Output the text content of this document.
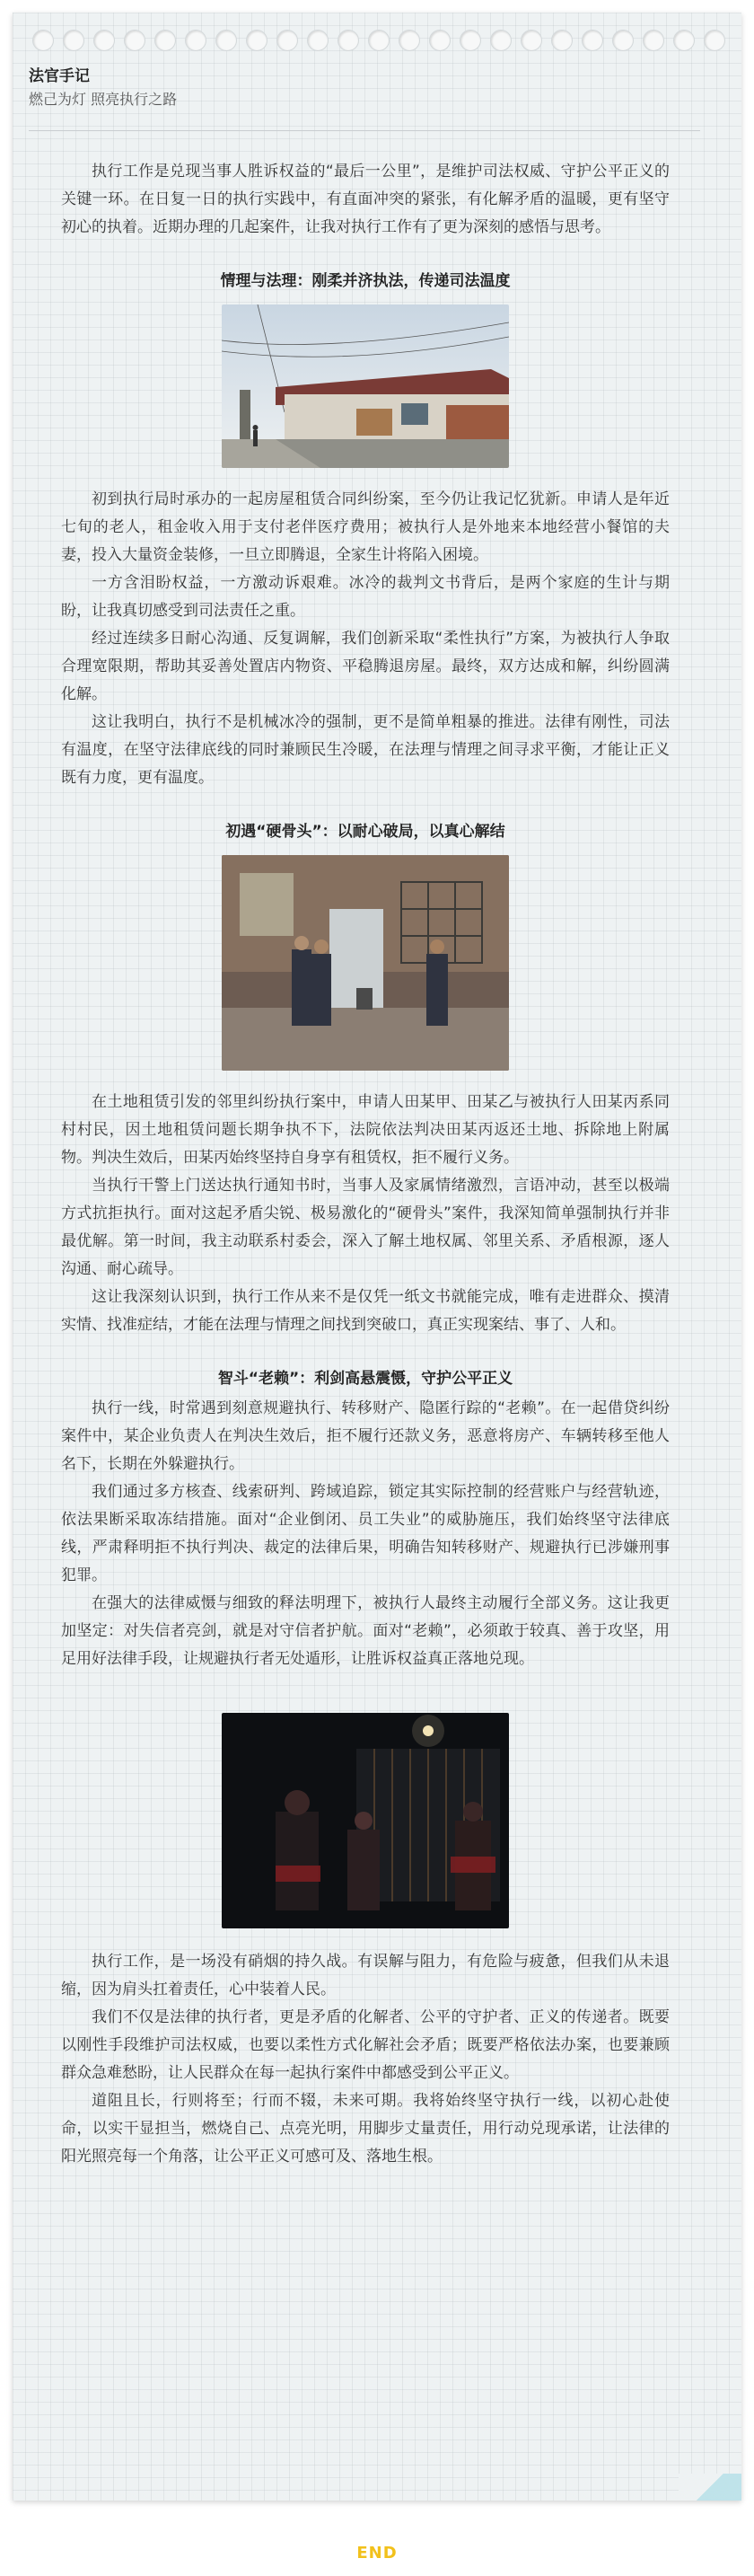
法官手记
燃己为灯 照亮执行之路

执行工作是兑现当事人胜诉权益的“最后一公里”，是维护司法权威、守护公平正义的关键一环。在日复一日的执行实践中，有直面冲突的紧张，有化解矛盾的温暖，更有坚守初心的执着。近期办理的几起案件，让我对执行工作有了更为深刻的感悟与思考。

情理与法理：刚柔并济执法，传递司法温度

初到执行局时承办的一起房屋租赁合同纠纷案，至今仍让我记忆犹新。申请人是年近七旬的老人，租金收入用于支付老伴医疗费用；被执行人是外地来本地经营小餐馆的夫妻，投入大量资金装修，一旦立即腾退，全家生计将陷入困境。

一方含泪盼权益，一方激动诉艰难。冰冷的裁判文书背后，是两个家庭的生计与期盼，让我真切感受到司法责任之重。

经过连续多日耐心沟通、反复调解，我们创新采取“柔性执行”方案，为被执行人争取合理宽限期，帮助其妥善处置店内物资、平稳腾退房屋。最终，双方达成和解，纠纷圆满化解。

这让我明白，执行不是机械冰冷的强制，更不是简单粗暴的推进。法律有刚性，司法有温度，在坚守法律底线的同时兼顾民生冷暖，在法理与情理之间寻求平衡，才能让正义既有力度，更有温度。

初遇“硬骨头”：以耐心破局，以真心解结

在土地租赁引发的邻里纠纷执行案中，申请人田某甲、田某乙与被执行人田某丙系同村村民，因土地租赁问题长期争执不下，法院依法判决田某丙返还土地、拆除地上附属物。判决生效后，田某丙始终坚持自身享有租赁权，拒不履行义务。

当执行干警上门送达执行通知书时，当事人及家属情绪激烈，言语冲动，甚至以极端方式抗拒执行。面对这起矛盾尖锐、极易激化的“硬骨头”案件，我深知简单强制执行并非最优解。第一时间，我主动联系村委会，深入了解土地权属、邻里关系、矛盾根源，逐人沟通、耐心疏导。

这让我深刻认识到，执行工作从来不是仅凭一纸文书就能完成，唯有走进群众、摸清实情、找准症结，才能在法理与情理之间找到突破口，真正实现案结、事了、人和。

智斗“老赖”：利剑高悬震慑，守护公平正义

执行一线，时常遇到刻意规避执行、转移财产、隐匿行踪的“老赖”。在一起借贷纠纷案件中，某企业负责人在判决生效后，拒不履行还款义务，恶意将房产、车辆转移至他人名下，长期在外躲避执行。

我们通过多方核查、线索研判、跨域追踪，锁定其实际控制的经营账户与经营轨迹，依法果断采取冻结措施。面对“企业倒闭、员工失业”的威胁施压，我们始终坚守法律底线，严肃释明拒不执行判决、裁定的法律后果，明确告知转移财产、规避执行已涉嫌刑事犯罪。

在强大的法律威慑与细致的释法明理下，被执行人最终主动履行全部义务。这让我更加坚定：对失信者亮剑，就是对守信者护航。面对“老赖”，必须敢于较真、善于攻坚，用足用好法律手段，让规避执行者无处遁形，让胜诉权益真正落地兑现。

执行工作，是一场没有硝烟的持久战。有误解与阻力，有危险与疲惫，但我们从未退缩，因为肩头扛着责任，心中装着人民。

我们不仅是法律的执行者，更是矛盾的化解者、公平的守护者、正义的传递者。既要以刚性手段维护司法权威，也要以柔性方式化解社会矛盾；既要严格依法办案，也要兼顾群众急难愁盼，让人民群众在每一起执行案件中都感受到公平正义。

道阻且长，行则将至；行而不辍，未来可期。我将始终坚守执行一线，以初心赴使命，以实干显担当，燃烧自己、点亮光明，用脚步丈量责任，用行动兑现承诺，让法律的阳光照亮每一个角落，让公平正义可感可及、落地生根。

END
